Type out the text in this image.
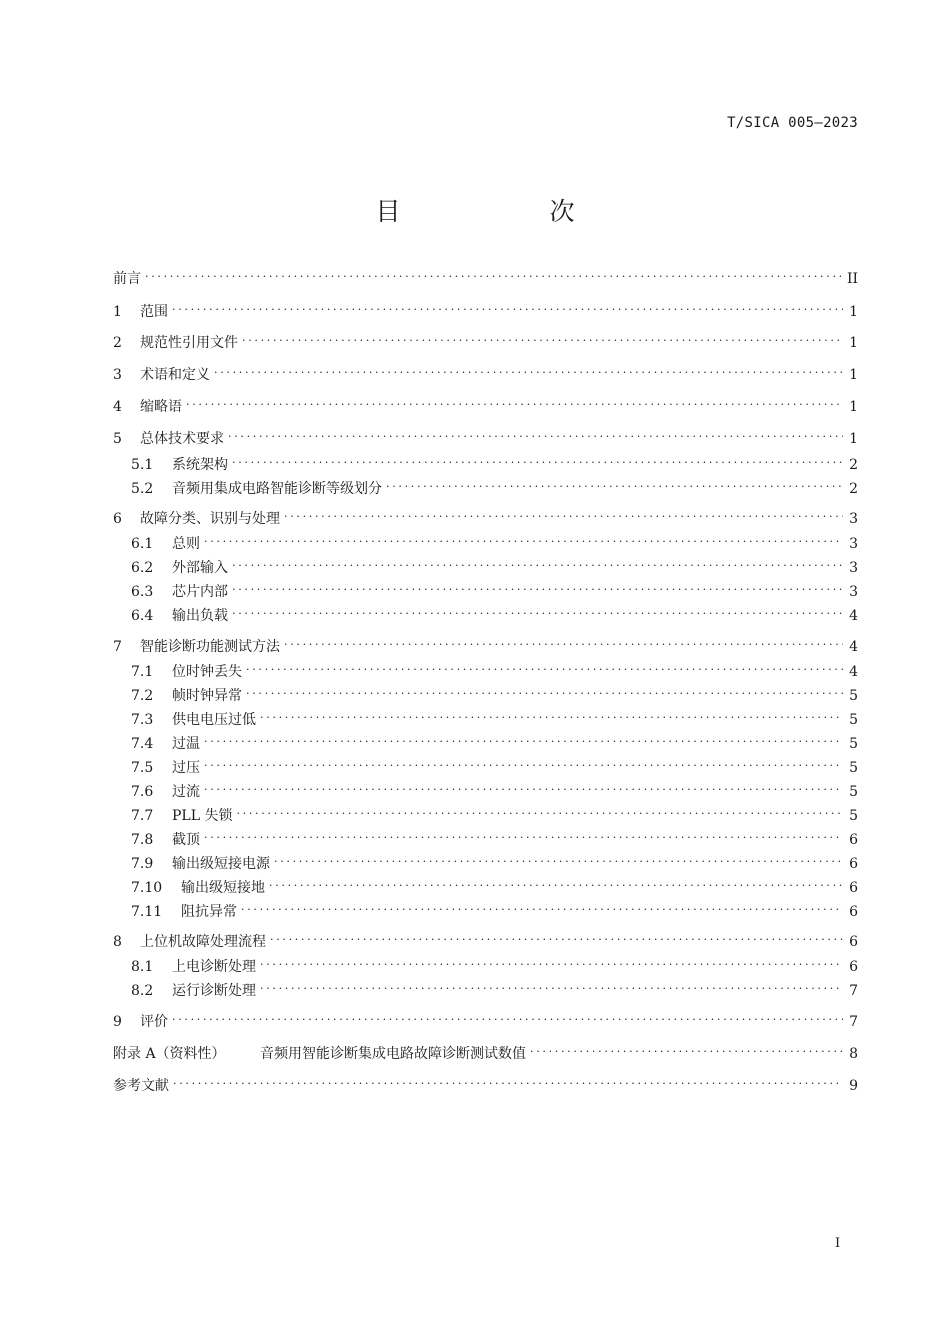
T/SICA 005—2023
目　次
前言 . . .	II
1	范围 . . .	1
2	规范性引用文件 . . .	1
3	术语和定义 . . .	1
4	缩略语 . . .	1
5	总体技术要求 . . .	1
5.1	系统架构 . . .	2
5.2	音频用集成电路智能诊断等级划分 . . .	2
6	故障分类、识别与处理 . . .	3
6.1	总则 . . .	3
6.2	外部输入 . . .	3
6.3	芯片内部 . . .	3
6.4	输出负载 . . .	4
7	智能诊断功能测试方法 . . .	4
7.1	位时钟丢失 . . .	4
7.2	帧时钟异常 . . .	5
7.3	供电电压过低 . . .	5
7.4	过温 . . .	5
7.5	过压 . . .	5
7.6	过流 . . .	5
7.7	PLL 失锁 . . .	5
7.8	截顶 . . .	6
7.9	输出级短接电源 . . .	6
7.10	输出级短接地 . . .	6
7.11	阻抗异常 . . .	6
8	上位机故障处理流程 . . .	6
8.1	上电诊断处理 . . .	6
8.2	运行诊断处理 . . .	7
9	评价 . . .	7
附录 A（资料性）	音频用智能诊断集成电路故障诊断测试数值 . . .	8
参考文献 . . .	9
I
